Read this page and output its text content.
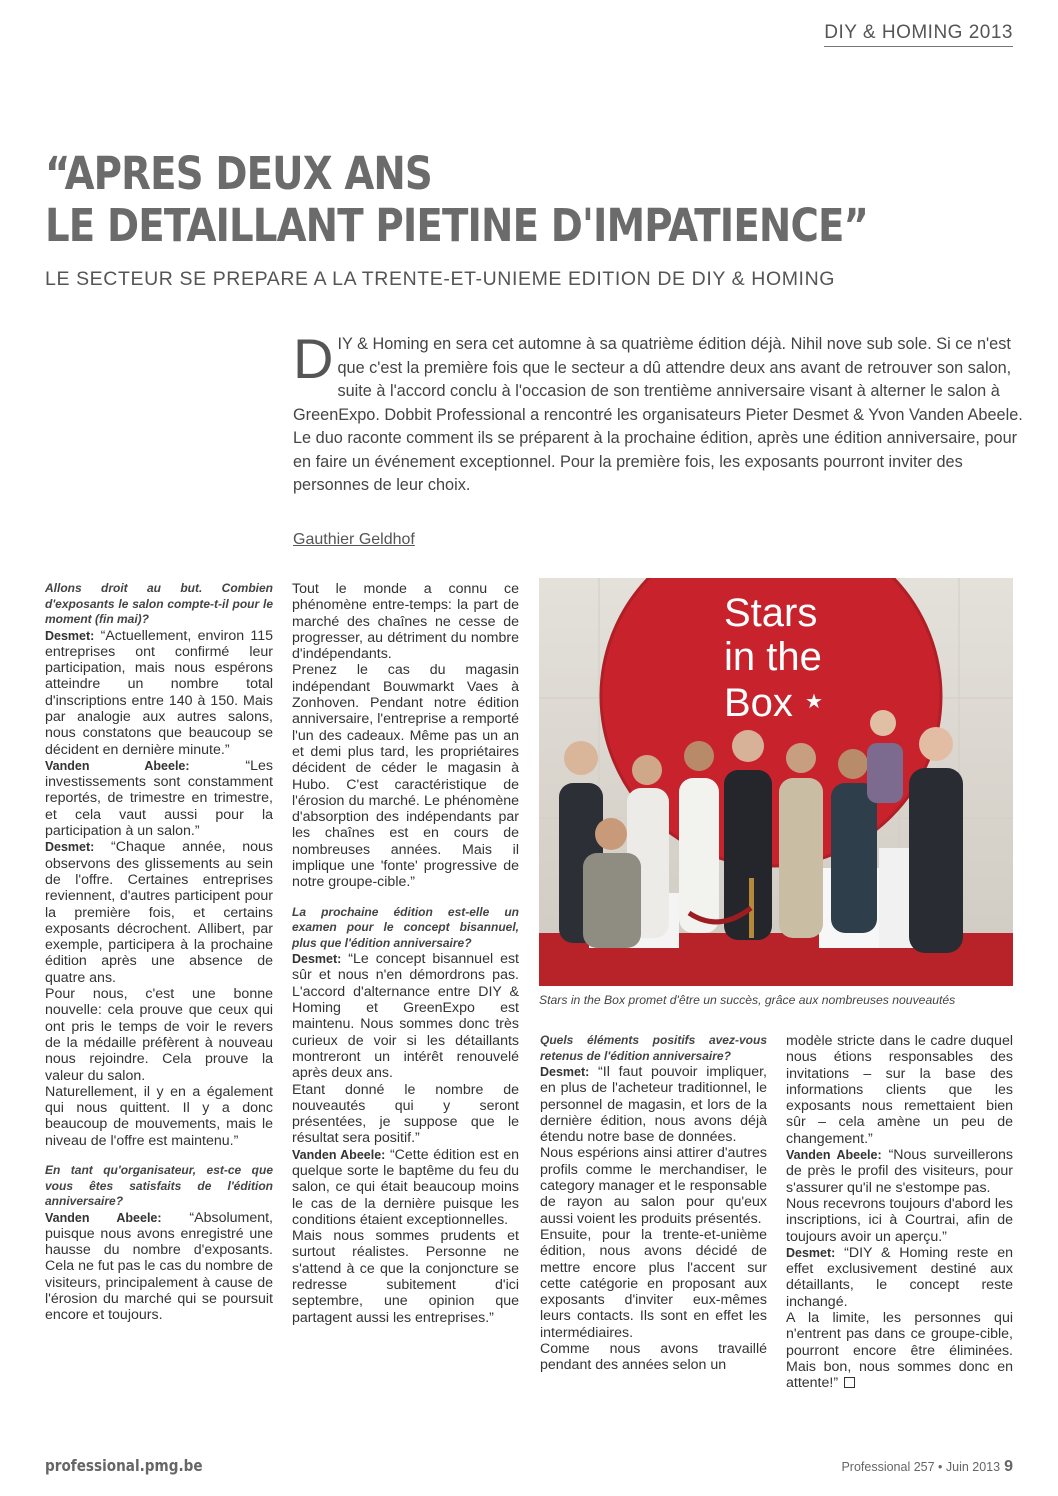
DIY & HOMING 2013
“APRES DEUX ANS
LE DETAILLANT PIETINE D'IMPATIENCE”
LE SECTEUR SE PREPARE A LA TRENTE-ET-UNIEME EDITION DE DIY & HOMING
DIY & Homing en sera cet automne à sa quatrième édition déjà. Nihil nove sub sole. Si ce n'est que c'est la première fois que le secteur a dû attendre deux ans avant de retrouver son salon, suite à l'accord conclu à l'occasion de son trentième anniversaire visant à alterner le salon à GreenExpo. Dobbit Professional a rencontré les organisateurs Pieter Desmet & Yvon Vanden Abeele. Le duo raconte comment ils se préparent à la prochaine édition, après une édition anniversaire, pour en faire un événement exceptionnel. Pour la première fois, les exposants pourront inviter des personnes de leur choix.
Gauthier Geldhof

Allons droit au but. Combien d'exposants le salon compte-t-il pour le moment (fin mai)?

Desmet: “Actuellement, environ 115 entreprises ont confirmé leur participation, mais nous espérons atteindre un nombre total d'inscriptions entre 140 à 150. Mais par analogie aux autres salons, nous constatons que beaucoup se décident en dernière minute.”

Vanden Abeele: “Les investissements sont constamment reportés, de trimestre en trimestre, et cela vaut aussi pour la participation à un salon.”

Desmet: “Chaque année, nous observons des glissements au sein de l'offre. Certaines entreprises reviennent, d'autres participent pour la première fois, et certains exposants décrochent. Allibert, par exemple, participera à la prochaine édition après une absence de quatre ans.

Pour nous, c'est une bonne nouvelle: cela prouve que ceux qui ont pris le temps de voir le revers de la médaille préfèrent à nouveau nous rejoindre. Cela prouve la valeur du salon.

Naturellement, il y en a également qui nous quittent. Il y a donc beaucoup de mouvements, mais le niveau de l'offre est maintenu.”

En tant qu'organisateur, est-ce que vous êtes satisfaits de l'édition anniversaire?

Vanden Abeele: “Absolument, puisque nous avons enregistré une hausse du nombre d'exposants. Cela ne fut pas le cas du nombre de visiteurs, principalement à cause de l'érosion du marché qui se poursuit encore et toujours.

Tout le monde a connu ce phénomène entre-temps: la part de marché des chaînes ne cesse de progresser, au détriment du nombre d'indépendants.

Prenez le cas du magasin indépendant Bouwmarkt Vaes à Zonhoven. Pendant notre édition anniversaire, l'entreprise a remporté l'un des cadeaux. Même pas un an et demi plus tard, les propriétaires décident de céder le magasin à Hubo. C'est caractéristique de l'érosion du marché. Le phénomène d'absorption des indépendants par les chaînes est en cours de nombreuses années. Mais il implique une 'fonte' progressive de notre groupe-cible.”

La prochaine édition est-elle un examen pour le concept bisannuel, plus que l'édition anniversaire?

Desmet: “Le concept bisannuel est sûr et nous n'en démordrons pas. L'accord d'alternance entre DIY & Homing et GreenExpo est maintenu. Nous sommes donc très curieux de voir si les détaillants montreront un intérêt renouvelé après deux ans.

Etant donné le nombre de nouveautés qui y seront présentées, je suppose que le résultat sera positif.”

Vanden Abeele: “Cette édition est en quelque sorte le baptême du feu du salon, ce qui était beaucoup moins le cas de la dernière puisque les conditions étaient exceptionnelles.

Mais nous sommes prudents et surtout réalistes. Personne ne s'attend à ce que la conjoncture se redresse subitement d'ici septembre, une opinion que partagent aussi les entreprises.”

Stars
in the
Box ★
Stars in the Box promet d'être un succès, grâce aux nombreuses nouveautés

Quels éléments positifs avez-vous retenus de l'édition anniversaire?

Desmet: “Il faut pouvoir impliquer, en plus de l'acheteur traditionnel, le personnel de magasin, et lors de la dernière édition, nous avons déjà étendu notre base de données.

Nous espérions ainsi attirer d'autres profils comme le merchandiser, le category manager et le responsable de rayon au salon pour qu'eux aussi voient les produits présentés.

Ensuite, pour la trente-et-unième édition, nous avons décidé de mettre encore plus l'accent sur cette catégorie en proposant aux exposants d'inviter eux-mêmes leurs contacts. Ils sont en effet les intermédiaires.

Comme nous avons travaillé pendant des années selon un

modèle stricte dans le cadre duquel nous étions responsables des invitations – sur la base des informations clients que les exposants nous remettaient bien sûr – cela amène un peu de changement.”

Vanden Abeele: “Nous surveillerons de près le profil des visiteurs, pour s'assurer qu'il ne s'estompe pas.

Nous recevrons toujours d'abord les inscriptions, ici à Courtrai, afin de toujours avoir un aperçu.”

Desmet: “DIY & Homing reste en effet exclusivement destiné aux détaillants, le concept reste inchangé.

A la limite, les personnes qui n'entrent pas dans ce groupe-cible, pourront encore être éliminées. Mais bon, nous sommes donc en attente!”

professional.pmg.be	Professional 257 • Juin 2013 9
